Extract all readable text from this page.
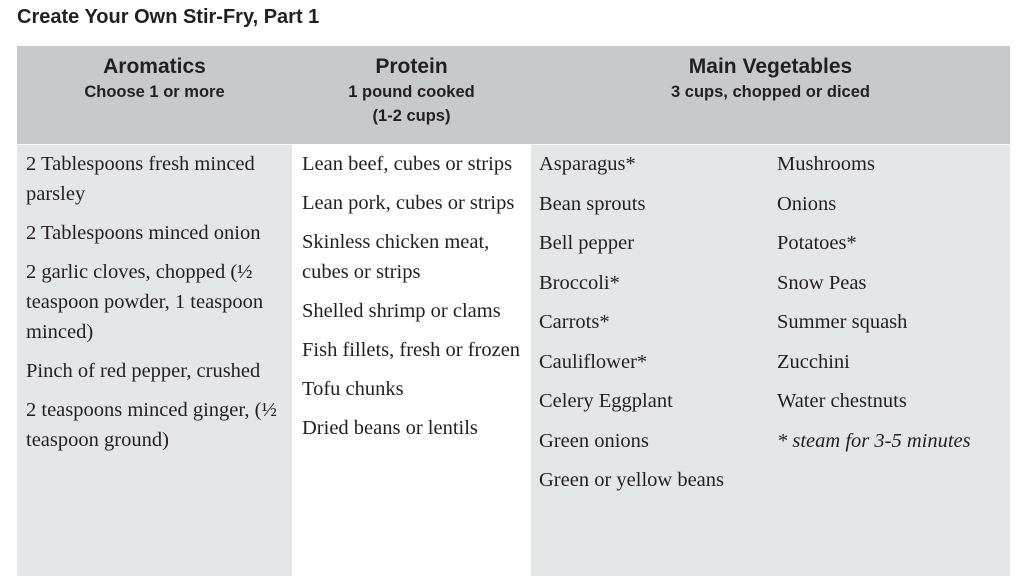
Create Your Own Stir-Fry, Part 1
Aromatics
Choose 1 or more
Protein
1 pound cooked
(1-2 cups)
Main Vegetables
3 cups, chopped or diced
2 Tablespoons fresh minced parsley
2 Tablespoons minced onion
2 garlic cloves, chopped (½ teaspoon powder, 1 teaspoon minced)
Pinch of red pepper, crushed
2 teaspoons minced ginger, (½ teaspoon ground)
Lean beef, cubes or strips
Lean pork, cubes or strips
Skinless chicken meat, cubes or strips
Shelled shrimp or clams
Fish fillets, fresh or frozen
Tofu chunks
Dried beans or lentils
Asparagus*
Bean sprouts
Bell pepper
Broccoli*
Carrots*
Cauliflower*
Celery Eggplant
Green onions
Green or yellow beans
Mushrooms
Onions
Potatoes*
Snow Peas
Summer squash
Zucchini
Water chestnuts
* steam for 3-5 minutes
